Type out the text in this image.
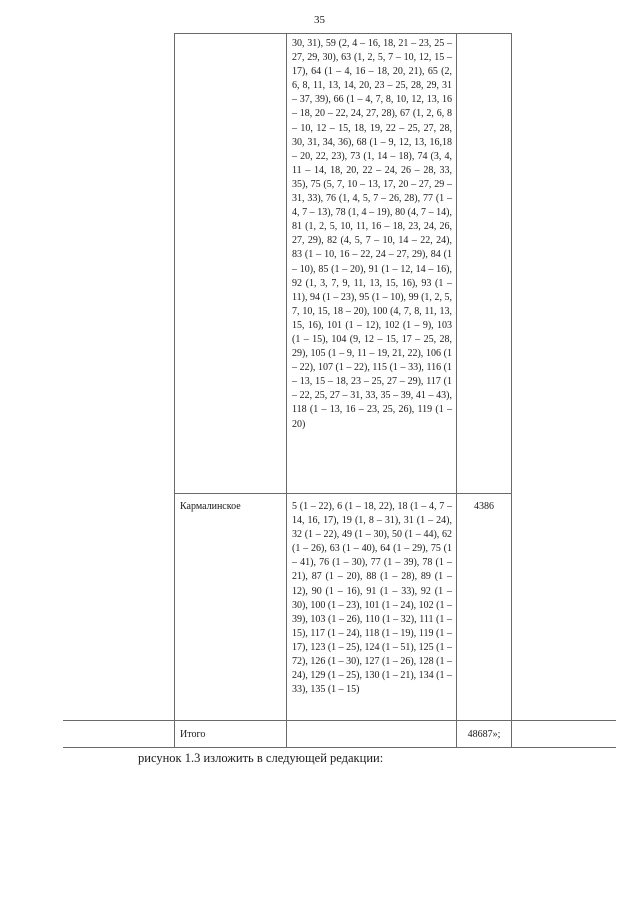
35
30, 31), 59 (2, 4 – 16, 18, 21 – 23, 25 – 27, 29, 30), 63 (1, 2, 5, 7 – 10, 12, 15 – 17), 64 (1 – 4, 16 – 18, 20, 21), 65 (2, 6, 8, 11, 13, 14, 20, 23 – 25, 28, 29, 31 – 37, 39), 66 (1 – 4, 7, 8, 10, 12, 13, 16 – 18, 20 – 22, 24, 27, 28), 67 (1, 2, 6, 8 – 10, 12 – 15, 18, 19, 22 – 25, 27, 28, 30, 31, 34, 36), 68 (1 – 9, 12, 13, 16,18 – 20, 22, 23), 73 (1, 14 – 18), 74 (3, 4, 11 – 14, 18, 20, 22 – 24, 26 – 28, 33, 35), 75 (5, 7, 10 – 13, 17, 20 – 27, 29 – 31, 33), 76 (1, 4, 5, 7 – 26, 28), 77 (1 – 4, 7 – 13), 78 (1, 4 – 19), 80 (4, 7 – 14), 81 (1, 2, 5, 10, 11, 16 – 18, 23, 24, 26, 27, 29), 82 (4, 5, 7 – 10, 14 – 22, 24), 83 (1 – 10, 16 – 22, 24 – 27, 29), 84 (1 – 10), 85 (1 – 20), 91 (1 – 12, 14 – 16), 92 (1, 3, 7, 9, 11, 13, 15, 16), 93 (1 – 11), 94 (1 – 23), 95 (1 – 10), 99 (1, 2, 5, 7, 10, 15, 18 – 20), 100 (4, 7, 8, 11, 13, 15, 16), 101 (1 – 12), 102 (1 – 9), 103 (1 – 15), 104 (9, 12 – 15, 17 – 25, 28, 29), 105 (1 – 9, 11 – 19, 21, 22), 106 (1 – 22), 107 (1 – 22), 115 (1 – 33), 116 (1 – 13, 15 – 18, 23 – 25, 27 – 29), 117 (1 – 22, 25, 27 – 31, 33, 35 – 39, 41 – 43), 118 (1 – 13, 16 – 23, 25, 26), 119 (1 – 20)
Кармалинское	5 (1 – 22), 6 (1 – 18, 22), 18 (1 – 4, 7 – 14, 16, 17), 19 (1, 8 – 31), 31 (1 – 24), 32 (1 – 22), 49 (1 – 30), 50 (1 – 44), 62 (1 – 26), 63 (1 – 40), 64 (1 – 29), 75 (1 – 41), 76 (1 – 30), 77 (1 – 39), 78 (1 – 21), 87 (1 – 20), 88 (1 – 28), 89 (1 – 12), 90 (1 – 16), 91 (1 – 33), 92 (1 – 30), 100 (1 – 23), 101 (1 – 24), 102 (1 – 39), 103 (1 – 26), 110 (1 – 32), 111 (1 – 15), 117 (1 – 24), 118 (1 – 19), 119 (1 – 17), 123 (1 – 25), 124 (1 – 51), 125 (1 – 72), 126 (1 – 30), 127 (1 – 26), 128 (1 – 24), 129 (1 – 25), 130 (1 – 21), 134 (1 – 33), 135 (1 – 15)
4386
Итого	48687»;
рисунок 1.3 изложить в следующей редакции:
